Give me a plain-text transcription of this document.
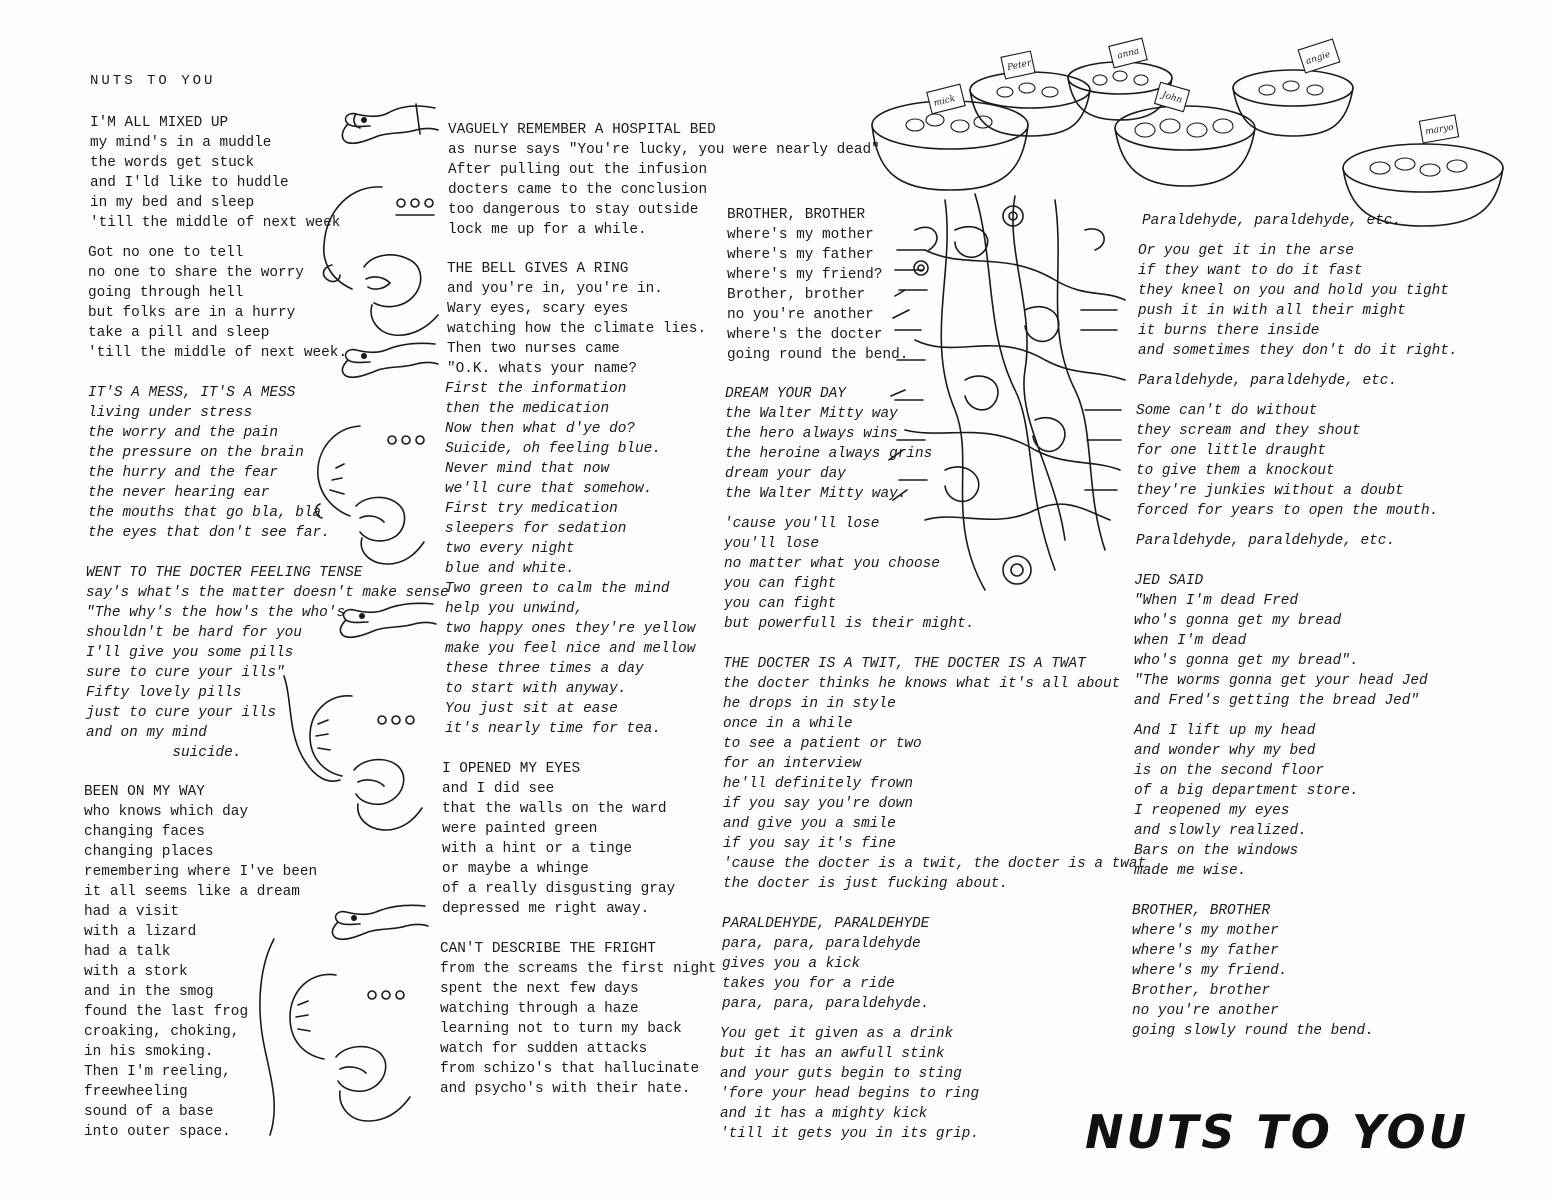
NUTS TO YOU
I'M ALL MIXED UP
my mind's in a muddle
the words get stuck
and I'ld like to huddle
in my bed and sleep
'till the middle of next week
Got no one to tell
no one to share the worry
going through hell
but folks are in a hurry
take a pill and sleep
'till the middle of next week.
IT'S A MESS, IT'S A MESS
living under stress
the worry and the pain
the pressure on the brain
the hurry and the fear
the never hearing ear
the mouths that go bla, bla
the eyes that don't see far.
WENT TO THE DOCTER FEELING TENSE
say's what's the matter doesn't make sense
"The why's the how's the who's
shouldn't be hard for you
I'll give you some pills
sure to cure your ills"
Fifty lovely pills
just to cure your ills
and on my mind
suicide.
BEEN ON MY WAY
who knows which day
changing faces
changing places
remembering where I've been
it all seems like a dream
had a visit
with a lizard
had a talk
with a stork
and in the smog
found the last frog
croaking, choking,
in his smoking.
Then I'm reeling,
freewheeling
sound of a base
into outer space.
VAGUELY REMEMBER A HOSPITAL BED
as nurse says "You're lucky, you were nearly dead"
After pulling out the infusion
docters came to the conclusion
too dangerous to stay outside
lock me up for a while.
THE BELL GIVES A RING
and you're in, you're in.
Wary eyes, scary eyes
watching how the climate lies.
Then two nurses came
"O.K. whats your name?
First the information
then the medication
Now then what d'ye do?
Suicide, oh feeling blue.
Never mind that now
we'll cure that somehow.
First try medication
sleepers for sedation
two every night
blue and white.
Two green to calm the mind
help you unwind,
two happy ones they're yellow
make you feel nice and mellow
these three times a day
to start with anyway.
You just sit at ease
it's nearly time for tea.
I OPENED MY EYES
and I did see
that the walls on the ward
were painted green
with a hint or a tinge
or maybe a whinge
of a really disgusting gray
depressed me right away.
CAN'T DESCRIBE THE FRIGHT
from the screams the first night
spent the next few days
watching through a haze
learning not to turn my back
watch for sudden attacks
from schizo's that hallucinate
and psycho's with their hate.
BROTHER, BROTHER
where's my mother
where's my father
where's my friend?
Brother, brother
no you're another
where's the docter
going round the bend.
DREAM YOUR DAY
the Walter Mitty way
the hero always wins
the heroine always grins
dream your day
the Walter Mitty way.
'cause you'll lose
you'll lose
no matter what you choose
you can fight
you can fight
but powerfull is their might.
THE DOCTER IS A TWIT, THE DOCTER IS A TWAT
the docter thinks he knows what it's all about
he drops in in style
once in a while
to see a patient or two
for an interview
he'll definitely frown
if you say you're down
and give you a smile
if you say it's fine
'cause the docter is a twit, the docter is a twat
the docter is just fucking about.
PARALDEHYDE, PARALDEHYDE
para, para, paraldehyde
gives you a kick
takes you for a ride
para, para, paraldehyde.
You get it given as a drink
but it has an awfull stink
and your guts begin to sting
'fore your head begins to ring
and it has a mighty kick
'till it gets you in its grip.
Paraldehyde, paraldehyde, etc.
Or you get it in the arse
if they want to do it fast
they kneel on you and hold you tight
push it in with all their might
it burns there inside
and sometimes they don't do it right.
Paraldehyde, paraldehyde, etc.
Some can't do without
they scream and they shout
for one little draught
to give them a knockout
they're junkies without a doubt
forced for years to open the mouth.
Paraldehyde, paraldehyde, etc.
JED SAID
"When I'm dead Fred
who's gonna get my bread
when I'm dead
who's gonna get my bread".
"The worms gonna get your head Jed
and Fred's getting the bread Jed"
And I lift up my head
and wonder why my bed
is on the second floor
of a big department store.
I reopened my eyes
and slowly realized.
Bars on the windows
made me wise.
BROTHER, BROTHER
where's my mother
where's my father
where's my friend.
Brother, brother
no you're another
going slowly round the bend.
mick
Peter
anna
John
angie
maryo
NUTS TO YOU
